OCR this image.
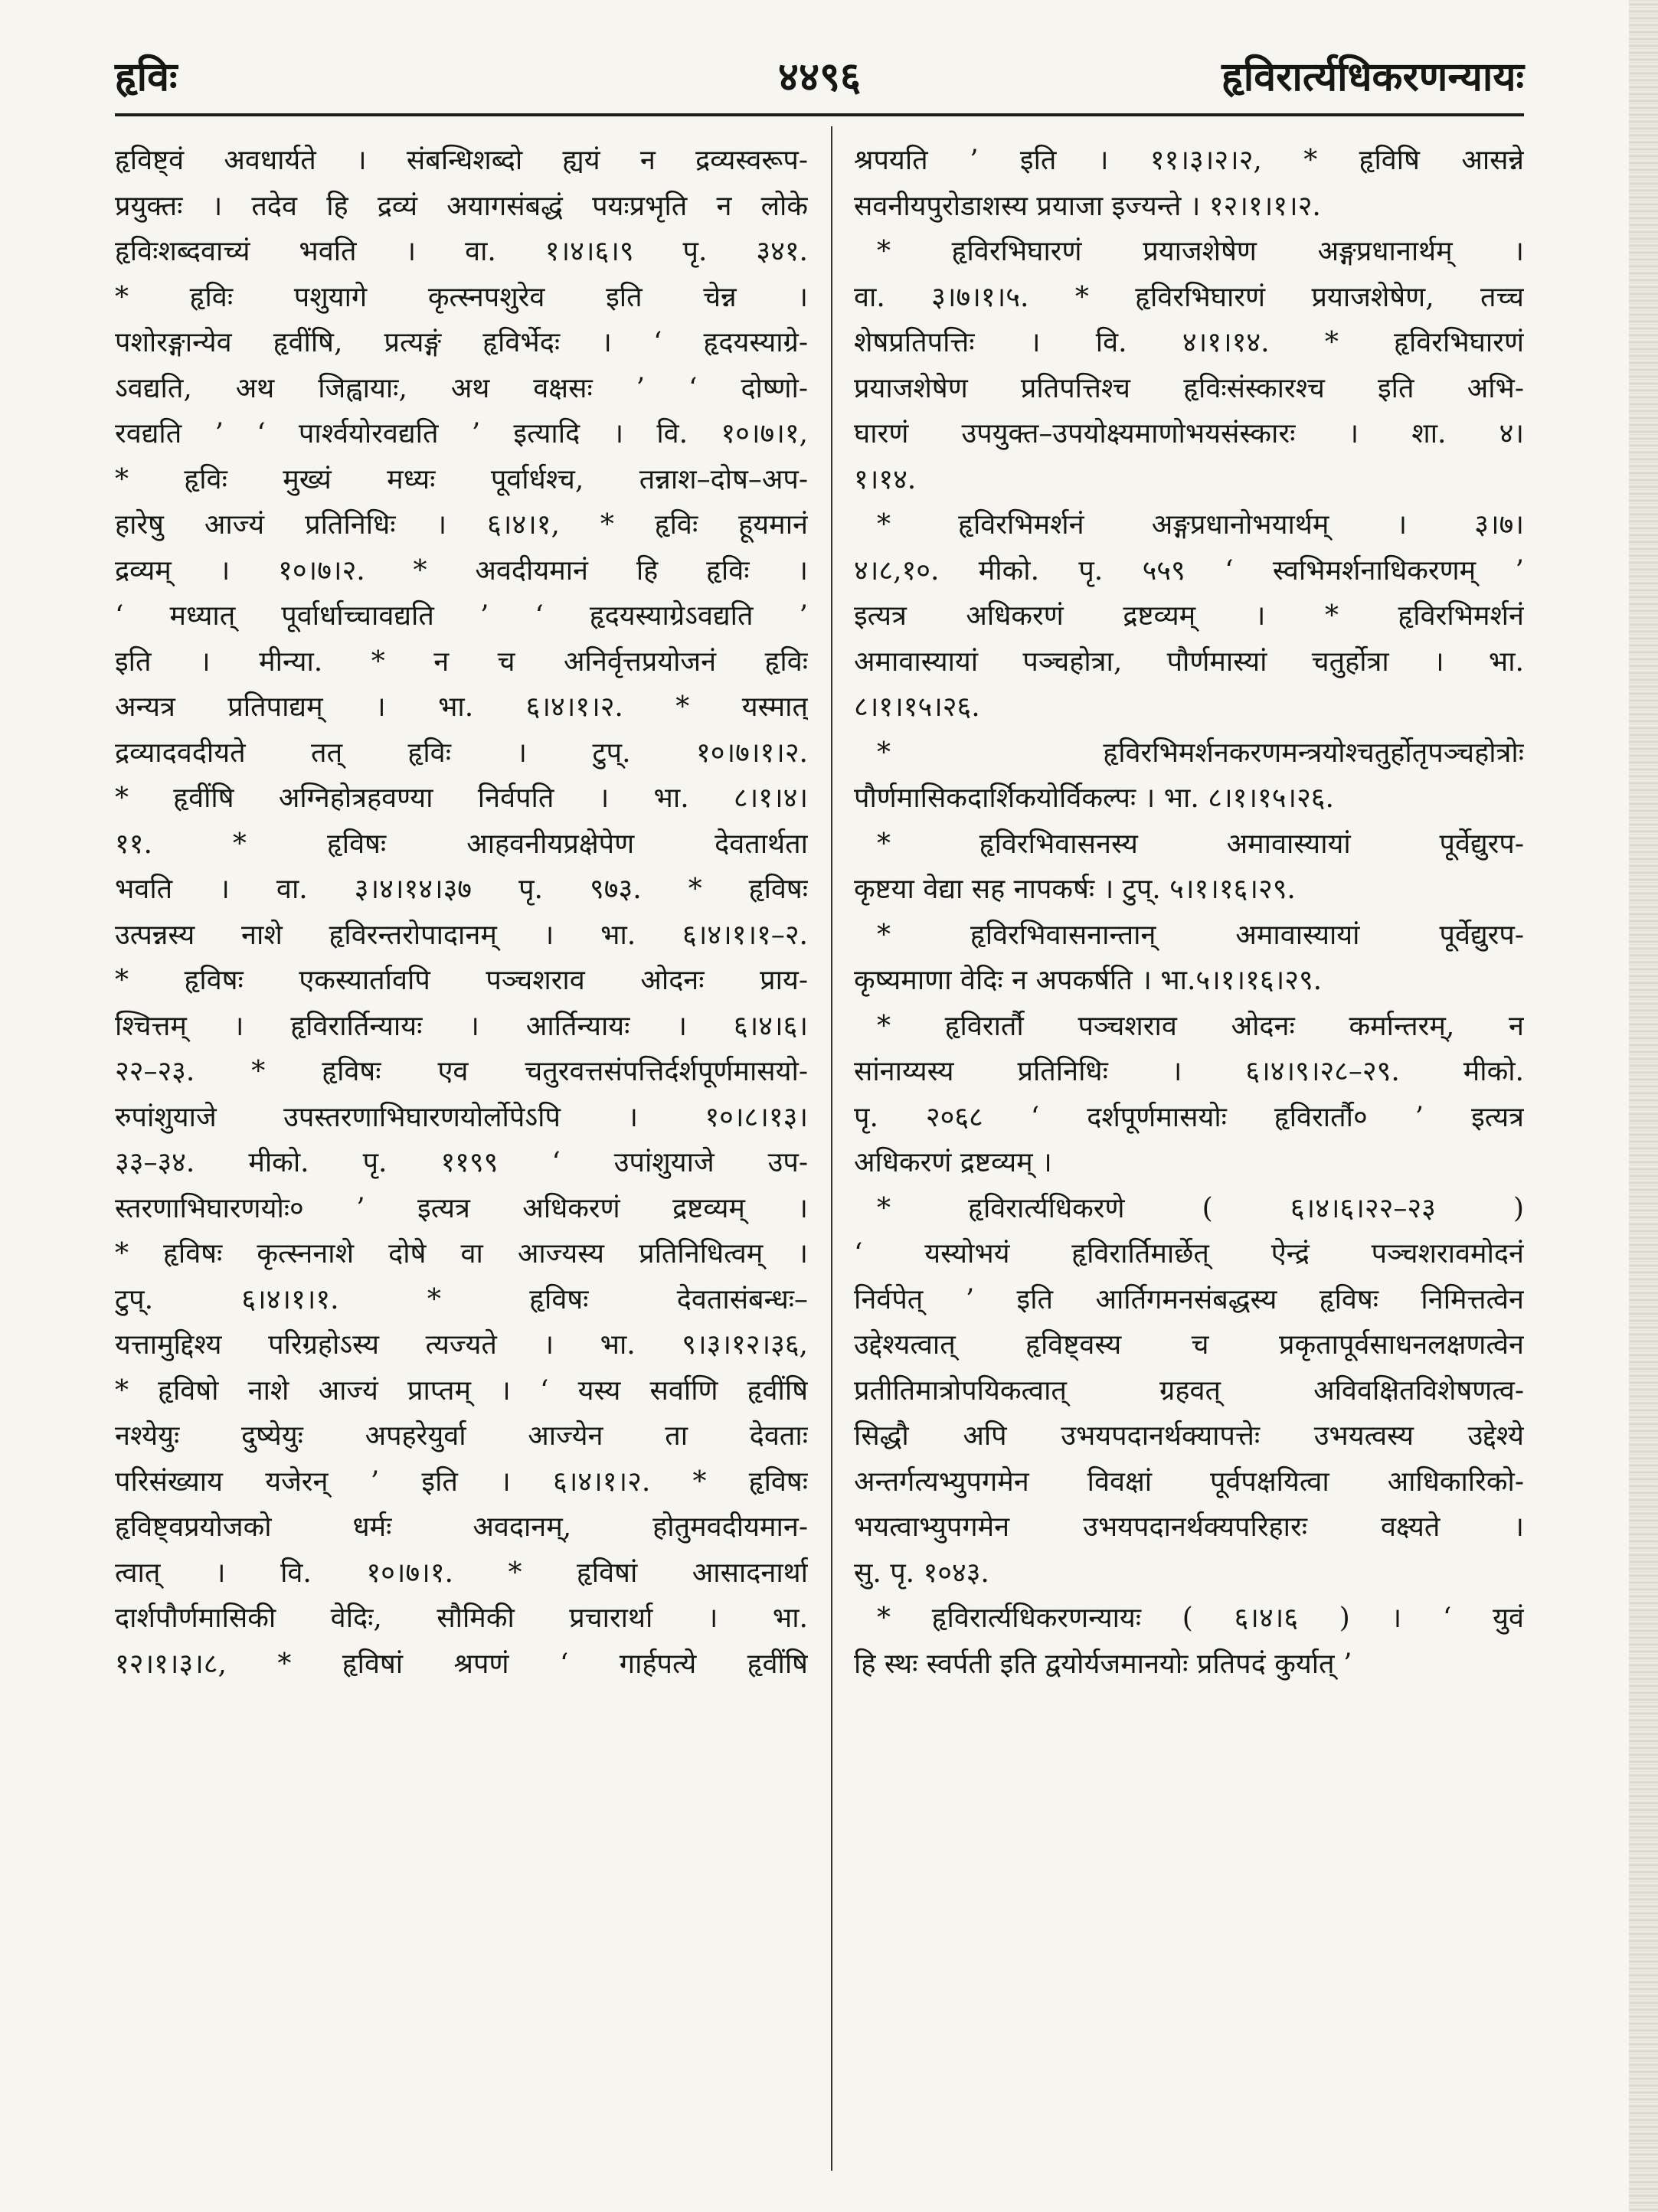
हृविः	४४९६	हृविरार्त्यधिकरणन्यायः
हृविष्ट्वं अवधार्यते । संबन्धिशब्दो ह्ययं न द्रव्यस्वरूप-
प्रयुक्तः । तदेव हि द्रव्यं अयागसंबद्धं पयःप्रभृति न लोके
हृविःशब्दवाच्यं भवति । वा. १।४।६।९ पृ. ३४१.
* हृविः पशुयागे कृत्स्नपशुरेव इति चेन्न ।
पशोरङ्गान्येव हृवींषि, प्रत्यङ्गं हृविर्भेदः । ‘ हृदयस्याग्रे-
ऽवद्यति, अथ जिह्वायाः, अथ वक्षसः ’ ‘ दोष्णो-
रवद्यति ’ ‘ पार्श्वयोरवद्यति ’ इत्यादि । वि. १०।७।१,
* हृविः मुख्यं मध्यः पूर्वार्धश्च, तन्नाश–दोष–अप-
हारेषु आज्यं प्रतिनिधिः । ६।४।१, * हृविः हूयमानं
द्रव्यम् । १०।७।२. * अवदीयमानं हि हृविः ।
‘ मध्यात् पूर्वार्धाच्चावद्यति ’ ‘ हृदयस्याग्रेऽवद्यति ’
इति । मीन्या. * न च अनिर्वृत्तप्रयोजनं हृविः
अन्यत्र प्रतिपाद्यम् । भा. ६।४।१।२. * यस्मात्
द्रव्यादवदीयते तत् हृविः । टुप्. १०।७।१।२.
* हृवींषि अग्निहोत्रहवण्या निर्वपति । भा. ८।१।४।
११. * हृविषः आहवनीयप्रक्षेपेण देवतार्थता
भवति । वा. ३।४।१४।३७ पृ. ९७३. * हृविषः
उत्पन्नस्य नाशे हृविरन्तरोपादानम् । भा. ६।४।१।१–२.
* हृविषः एकस्यार्तावपि पञ्चशराव ओदनः प्राय-
श्चित्तम् । हृविरार्तिन्यायः । आर्तिन्यायः । ६।४।६।
२२–२३. * हृविषः एव चतुरवत्तसंपत्तिर्दर्शपूर्णमासयो-
रुपांशुयाजे उपस्तरणाभिघारणयोर्लोपेऽपि । १०।८।१३।
३३–३४. मीको. पृ. ११९९ ‘ उपांशुयाजे उप-
स्तरणाभिघारणयोः० ’ इत्यत्र अधिकरणं द्रष्टव्यम् ।
* हृविषः कृत्स्ननाशे दोषे वा आज्यस्य प्रतिनिधित्वम् ।
टुप्. ६।४।१।१. * हृविषः देवतासंबन्धः–
यत्तामुद्दिश्य परिग्रहोऽस्य त्यज्यते । भा. ९।३।१२।३६,
* हृविषो नाशे आज्यं प्राप्तम् । ‘ यस्य सर्वाणि हृवींषि
नश्येयुः दुष्येयुः अपहरेयुर्वा आज्येन ता देवताः
परिसंख्याय यजेरन् ’ इति । ६।४।१।२. * हृविषः
हृविष्ट्वप्रयोजको धर्मः अवदानम्, होतुमवदीयमान-
त्वात् । वि. १०।७।१. * हृविषां आसादनार्था
दार्शपौर्णमासिकी वेदिः, सौमिकी प्रचारार्था । भा.
१२।१।३।८, * हृविषां श्रपणं ‘ गार्हपत्ये हृवींषि
श्रपयति ’ इति । ११।३।२।२, * हृविषि आसन्ने
सवनीयपुरोडाशस्य प्रयाजा इज्यन्ते । १२।१।१।२.
* हृविरभिघारणं प्रयाजशेषेण अङ्गप्रधानार्थम् ।
वा. ३।७।१।५. * हृविरभिघारणं प्रयाजशेषेण, तच्च
शेषप्रतिपत्तिः । वि. ४।१।१४. * हृविरभिघारणं
प्रयाजशेषेण प्रतिपत्तिश्च हृविःसंस्कारश्च इति अभि-
घारणं उपयुक्त–उपयोक्ष्यमाणोभयसंस्कारः । शा. ४।
१।१४.
* हृविरभिमर्शनं अङ्गप्रधानोभयार्थम् । ३।७।
४।८,१०. मीको. पृ. ५५९ ‘ स्वभिमर्शनाधिकरणम् ’
इत्यत्र अधिकरणं द्रष्टव्यम् । * हृविरभिमर्शनं
अमावास्यायां पञ्चहोत्रा, पौर्णमास्यां चतुर्होत्रा । भा.
८।१।१५।२६.
* हृविरभिमर्शनकरणमन्त्रयोश्चतुर्होतृपञ्चहोत्रोः
पौर्णमासिकदार्शिकयोर्विकल्पः । भा. ८।१।१५।२६.
* हृविरभिवासनस्य अमावास्यायां पूर्वेद्युरप-
कृष्टया वेद्या सह नापकर्षः । टुप्. ५।१।१६।२९.
* हृविरभिवासनान्तान् अमावास्यायां पूर्वेद्युरप-
कृष्यमाणा वेदिः न अपकर्षति । भा.५।१।१६।२९.
* हृविरार्तौ पञ्चशराव ओदनः कर्मान्तरम्, न
सांनाय्यस्य प्रतिनिधिः । ६।४।९।२८–२९. मीको.
पृ. २०६८ ‘ दर्शपूर्णमासयोः हृविरार्तौ० ’ इत्यत्र
अधिकरणं द्रष्टव्यम् ।
* हृविरार्त्यधिकरणे ( ६।४।६।२२–२३ )
‘ यस्योभयं हृविरार्तिमार्छेत् ऐन्द्रं पञ्चशरावमोदनं
निर्वपेत् ’ इति आर्तिगमनसंबद्धस्य हृविषः निमित्तत्वेन
उद्देश्यत्वात् हृविष्ट्वस्य च प्रकृतापूर्वसाधनलक्षणत्वेन
प्रतीतिमात्रोपयिकत्वात् ग्रहवत् अविवक्षितविशेषणत्व-
सिद्धौ अपि उभयपदानर्थक्यापत्तेः उभयत्वस्य उद्देश्ये
अन्तर्गत्यभ्युपगमेन विवक्षां पूर्वपक्षयित्वा आधिकारिको-
भयत्वाभ्युपगमेन उभयपदानर्थक्यपरिहारः वक्ष्यते ।
सु. पृ. १०४३.
* हृविरार्त्यधिकरणन्यायः ( ६।४।६ ) । ‘ युवं
हि स्थः स्वर्पती इति द्वयोर्यजमानयोः प्रतिपदं कुर्यात् ’
